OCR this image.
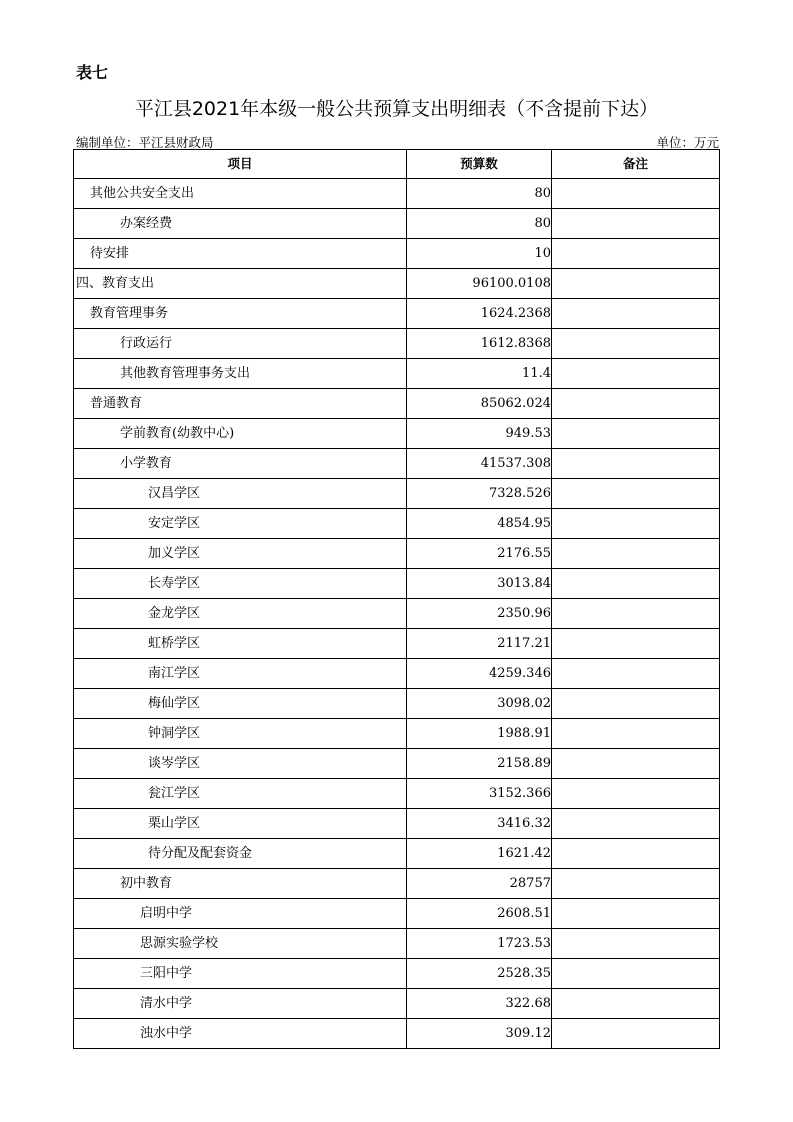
表七
平江县2021年本级一般公共预算支出明细表（不含提前下达）
编制单位：平江县财政局	单位：万元
项目	预算数	备注
其他公共安全支出	80	
办案经费	80	
待安排	10	
四、教育支出	96100.0108	
教育管理事务	1624.2368	
行政运行	1612.8368	
其他教育管理事务支出	11.4	
普通教育	85062.024	
学前教育(幼教中心)	949.53	
小学教育	41537.308	
汉昌学区	7328.526	
安定学区	4854.95	
加义学区	2176.55	
长寿学区	3013.84	
金龙学区	2350.96	
虹桥学区	2117.21	
南江学区	4259.346	
梅仙学区	3098.02	
钟洞学区	1988.91	
谈岑学区	2158.89	
瓮江学区	3152.366	
栗山学区	3416.32	
待分配及配套资金	1621.42	
初中教育	28757	
启明中学	2608.51	
思源实验学校	1723.53	
三阳中学	2528.35	
清水中学	322.68	
浊水中学	309.12	
